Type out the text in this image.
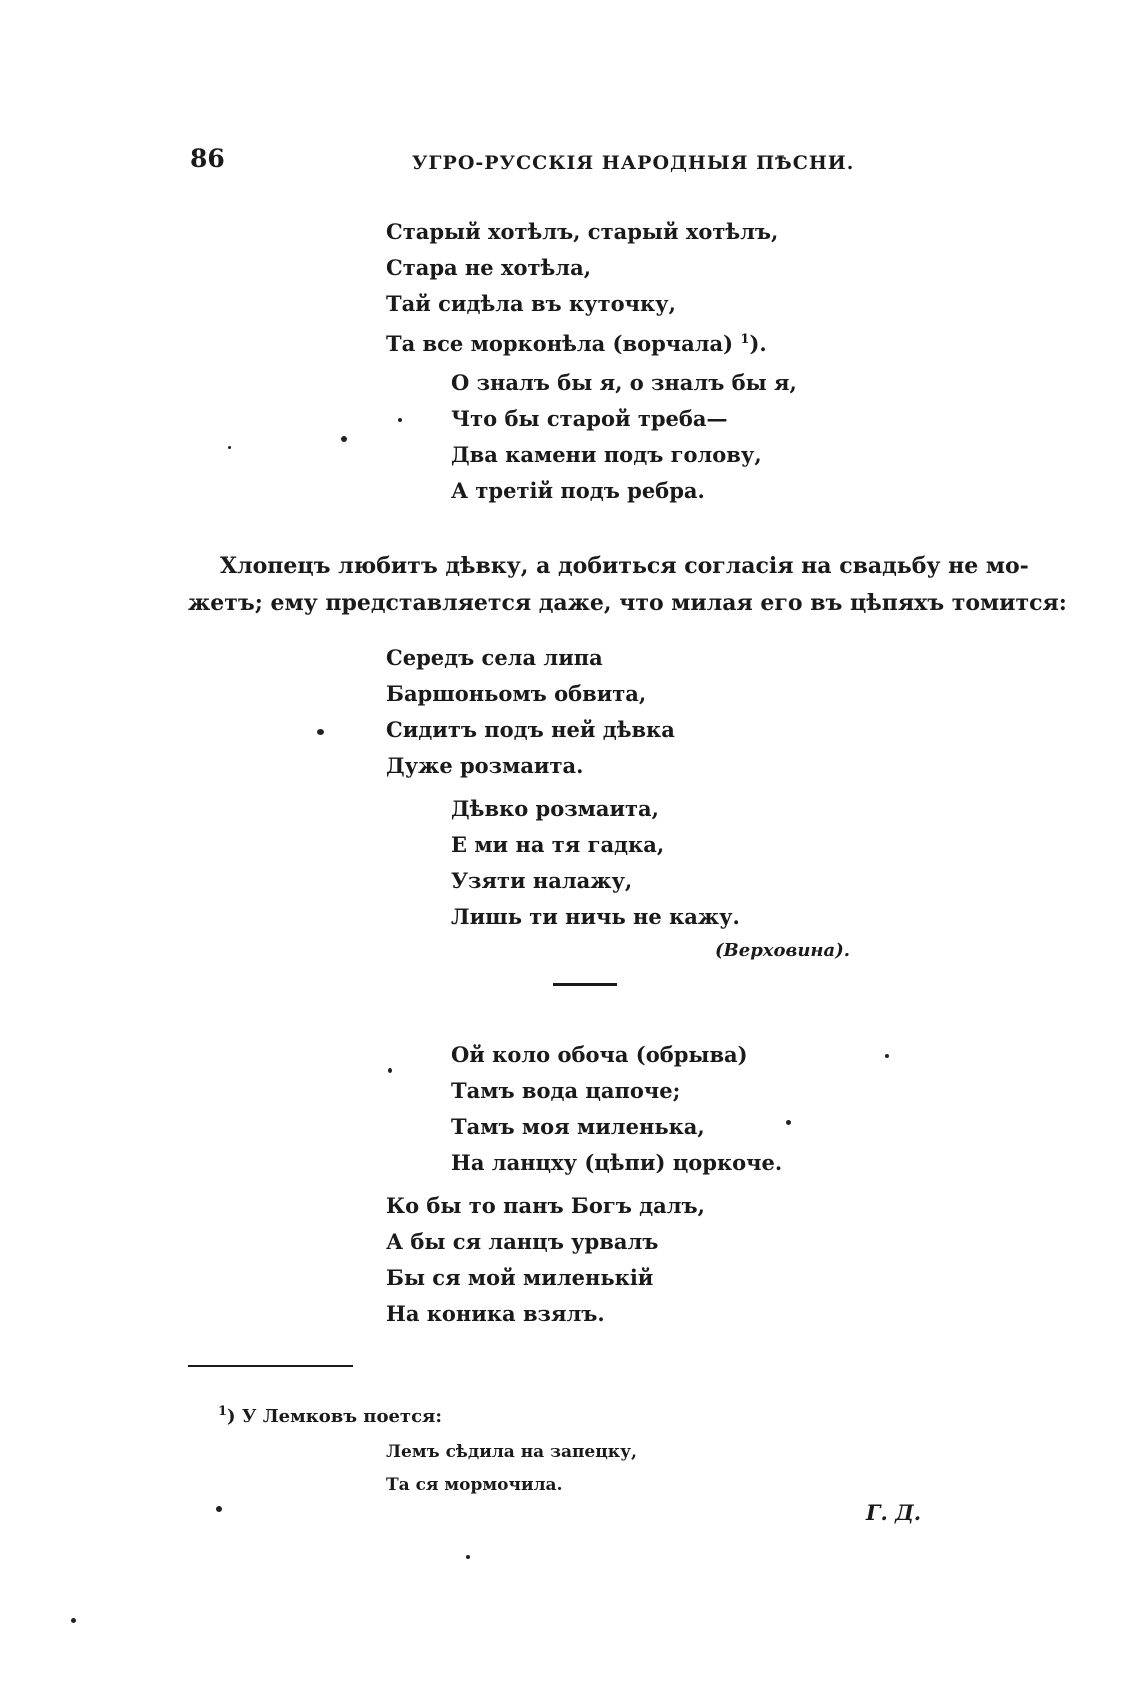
86	УГРО-РУССКІЯ НАРОДНЫЯ ПѢСНИ.
Старый хотѣлъ, старый хотѣлъ,
Стара не хотѣла,
Тай сидѣла въ куточку,
Та все морконѣла (ворчала) $^1$).
О зналъ бы я, о зналъ бы я,
Что бы старой треба—
Два камени подъ голову,
А третій подъ ребра.
Хлопецъ любитъ дѣвку, а добиться согласія на свадьбу не мо-
жетъ; ему представляется даже, что милая его въ цѣпяхъ томится:
Середъ села липа
Баршоньомъ обвита,
Сидитъ подъ ней дѣвка
Дуже розмаита.
Дѣвко розмаита,
Е ми на тя гадка,
Узяти налажу,
Лишь ти ничь не кажу.
(Верховина).
Ой коло обоча (обрыва)
Тамъ вода цапоче;
Тамъ моя миленька,
На ланцху (цѣпи) цоркоче.
Ко бы то панъ Богъ далъ,
А бы ся ланцъ урвалъ
Бы ся мой миленькій
На коника взялъ.
$^1$) У Лемковъ поется:
Лемъ сѣдила на запецку,
Та ся мормочила.
Г. Д.
